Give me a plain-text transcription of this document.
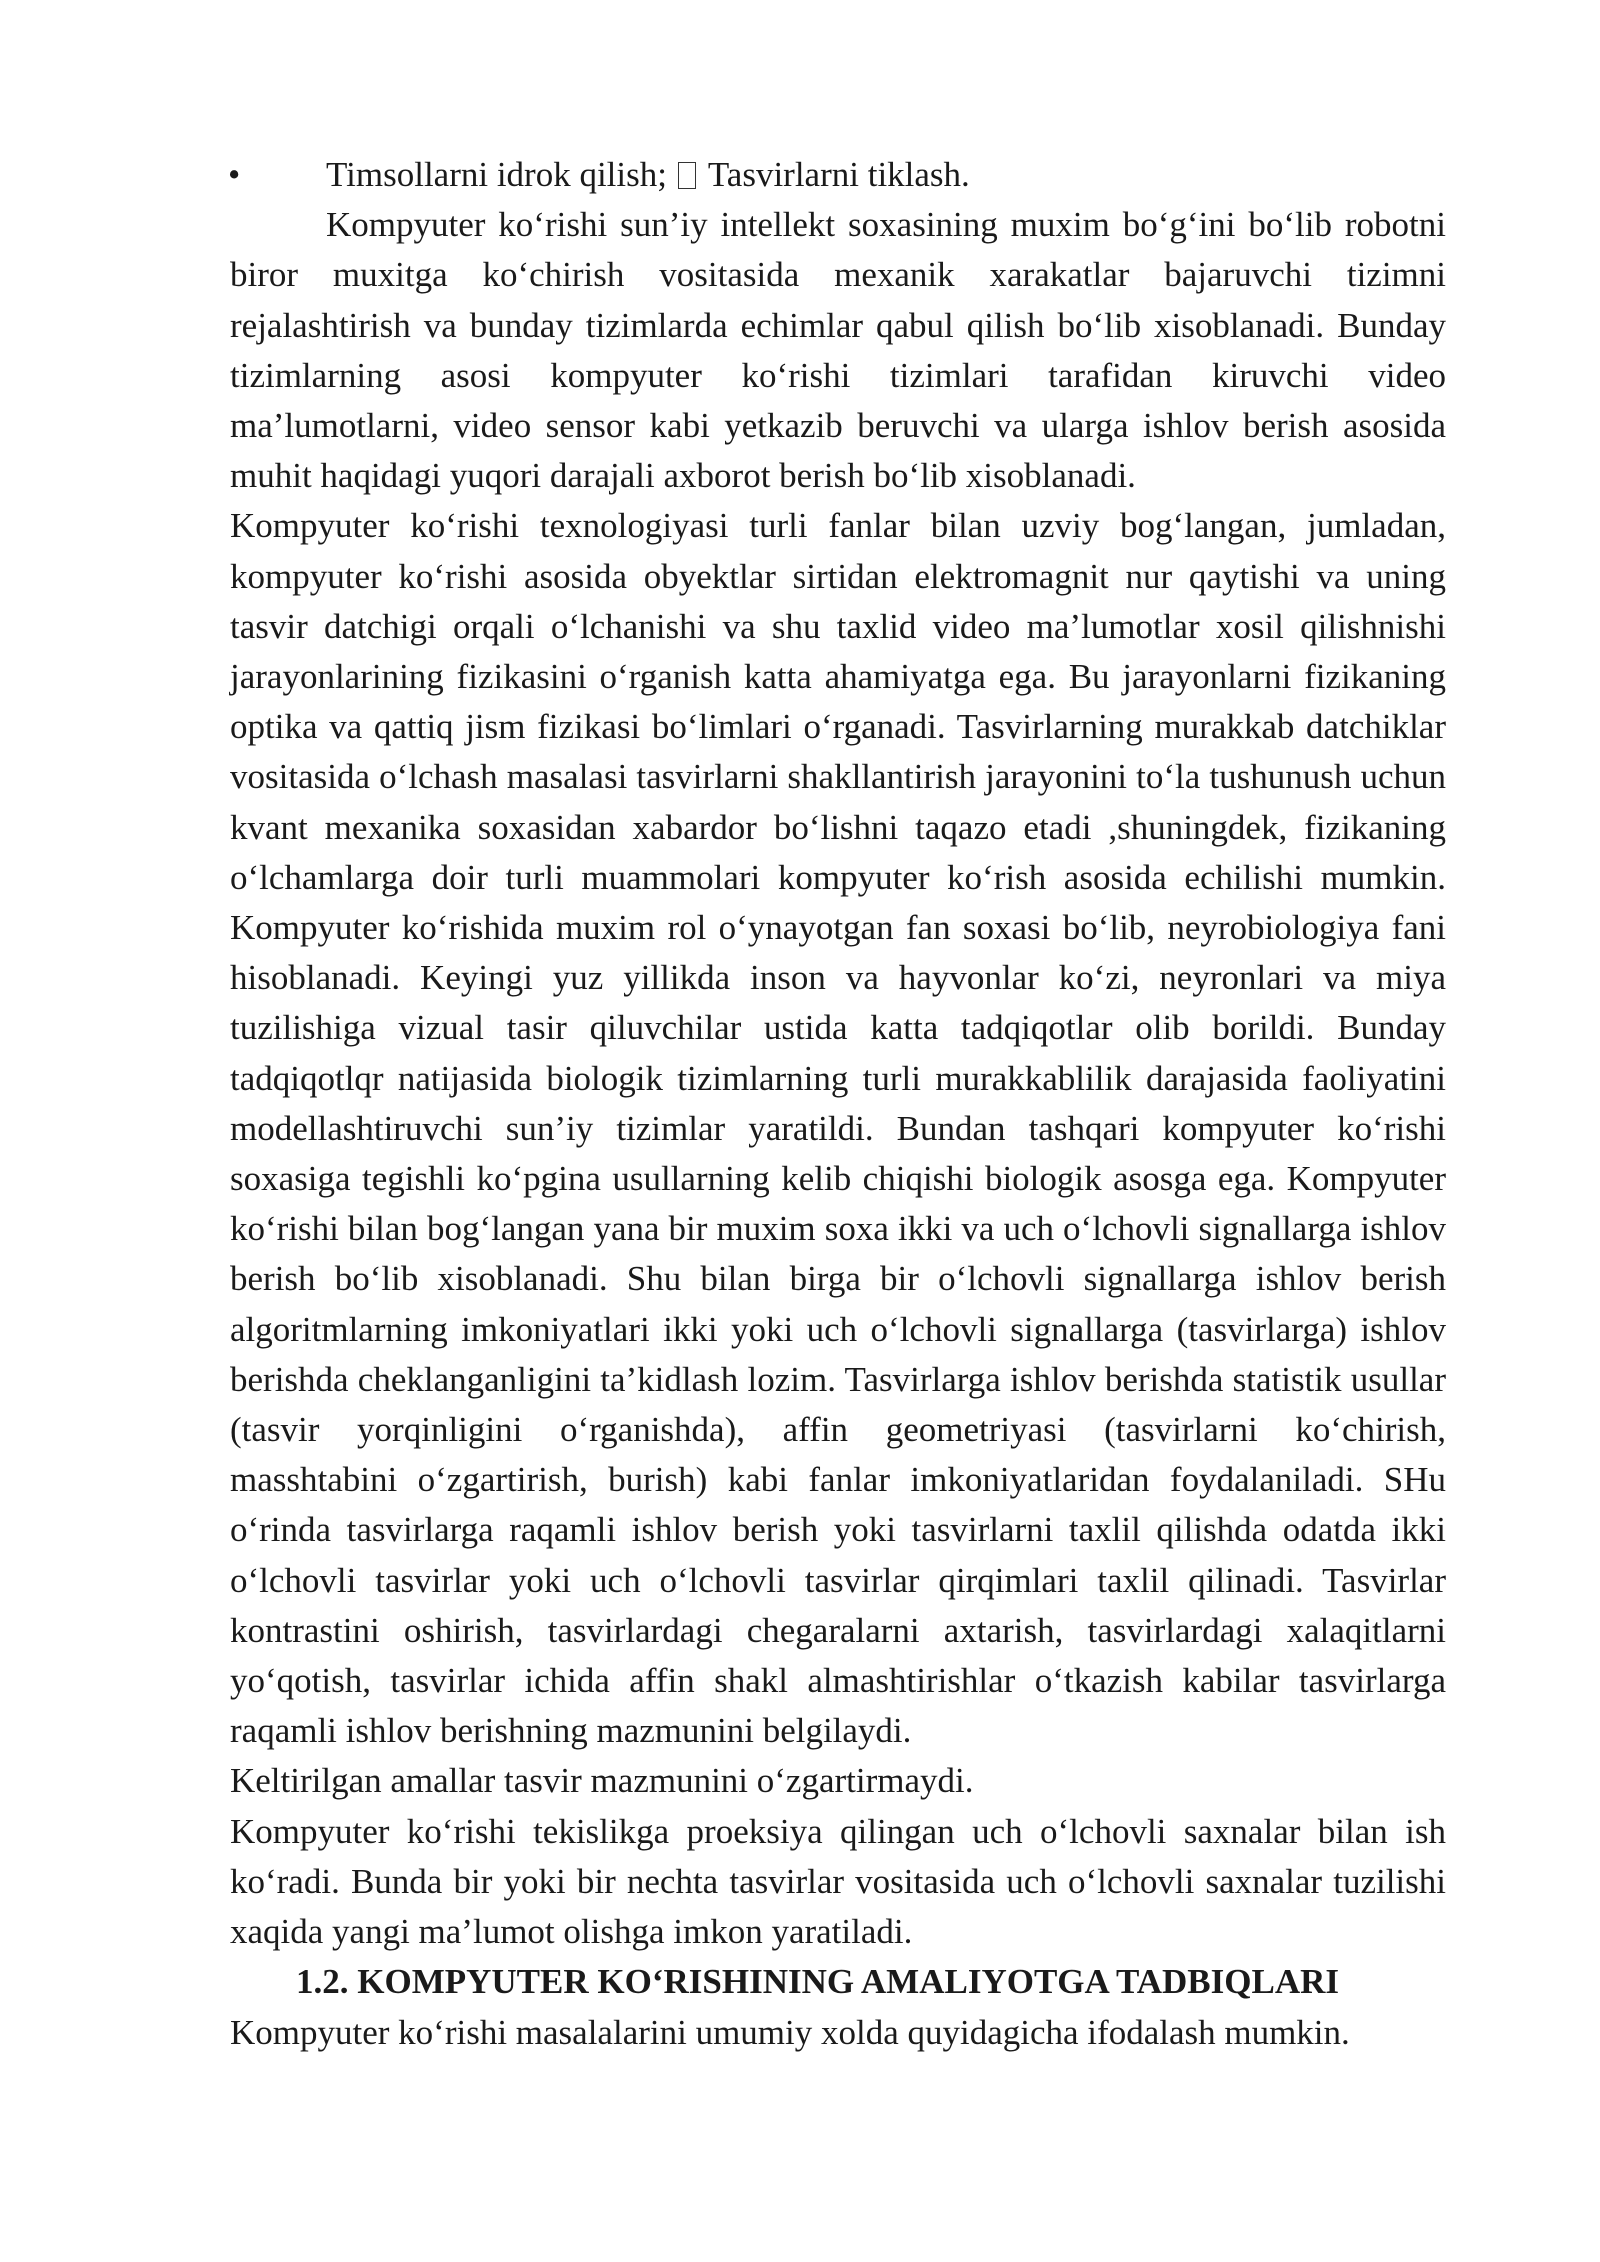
• Timsollarni idrok qilish; Tasvirlarni tiklash.

Kompyuter ko‘rishi sun’iy intellekt soxasining muxim bo‘g‘ini bo‘lib robotni biror muxitga ko‘chirish vositasida mexanik xarakatlar bajaruvchi tizimni rejalashtirish va bunday tizimlarda echimlar qabul qilish bo‘lib xisoblanadi. Bunday tizimlarning asosi kompyuter ko‘rishi tizimlari tarafidan kiruvchi video ma’lumotlarni, video sensor kabi yetkazib beruvchi va ularga ishlov berish asosida muhit haqidagi yuqori darajali axborot berish bo‘lib xisoblanadi.

Kompyuter ko‘rishi texnologiyasi turli fanlar bilan uzviy bog‘langan, jumladan, kompyuter ko‘rishi asosida obyektlar sirtidan elektromagnit nur qaytishi va uning tasvir datchigi orqali o‘lchanishi va shu taxlid video ma’lumotlar xosil qilishnishi jarayonlarining fizikasini o‘rganish katta ahamiyatga ega. Bu jarayonlarni fizikaning optika va qattiq jism fizikasi bo‘limlari o‘rganadi. Tasvirlarning murakkab datchiklar vositasida o‘lchash masalasi tasvirlarni shakllantirish jarayonini to‘la tushunush uchun kvant mexanika soxasidan xabardor bo‘lishni taqazo etadi ,shuningdek, fizikaning o‘lchamlarga doir turli muammolari kompyuter ko‘rish asosida echilishi mumkin. Kompyuter ko‘rishida muxim rol o‘ynayotgan fan soxasi bo‘lib, neyrobiologiya fani hisoblanadi. Keyingi yuz yillikda inson va hayvonlar ko‘zi, neyronlari va miya tuzilishiga vizual tasir qiluvchilar ustida katta tadqiqotlar olib borildi. Bunday tadqiqotlqr natijasida biologik tizimlarning turli murakkablilik darajasida faoliyatini modellashtiruvchi sun’iy tizimlar yaratildi. Bundan tashqari kompyuter ko‘rishi soxasiga tegishli ko‘pgina usullarning kelib chiqishi biologik asosga ega. Kompyuter ko‘rishi bilan bog‘langan yana bir muxim soxa ikki va uch o‘lchovli signallarga ishlov berish bo‘lib xisoblanadi. Shu bilan birga bir o‘lchovli signallarga ishlov berish algoritmlarning imkoniyatlari ikki yoki uch o‘lchovli signallarga (tasvirlarga) ishlov berishda cheklanganligini ta’kidlash lozim. Tasvirlarga ishlov berishda statistik usullar (tasvir yorqinligini o‘rganishda), affin geometriyasi (tasvirlarni ko‘chirish, masshtabini o‘zgartirish, burish) kabi fanlar imkoniyatlaridan foydalaniladi. SHu o‘rinda tasvirlarga raqamli ishlov berish yoki tasvirlarni taxlil qilishda odatda ikki o‘lchovli tasvirlar yoki uch o‘lchovli tasvirlar qirqimlari taxlil qilinadi. Tasvirlar kontrastini oshirish, tasvirlardagi chegaralarni axtarish, tasvirlardagi xalaqitlarni yo‘qotish, tasvirlar ichida affin shakl almashtirishlar o‘tkazish kabilar tasvirlarga raqamli ishlov berishning mazmunini belgilaydi.

Keltirilgan amallar tasvir mazmunini o‘zgartirmaydi.

Kompyuter ko‘rishi tekislikga proeksiya qilingan uch o‘lchovli saxnalar bilan ish ko‘radi. Bunda bir yoki bir nechta tasvirlar vositasida uch o‘lchovli saxnalar tuzilishi xaqida yangi ma’lumot olishga imkon yaratiladi.

1.2. KOMPYUTER KO‘RISHINING AMALIYOTGA TADBIQLARI

Kompyuter ko‘rishi masalalarini umumiy xolda quyidagicha ifodalash mumkin.
